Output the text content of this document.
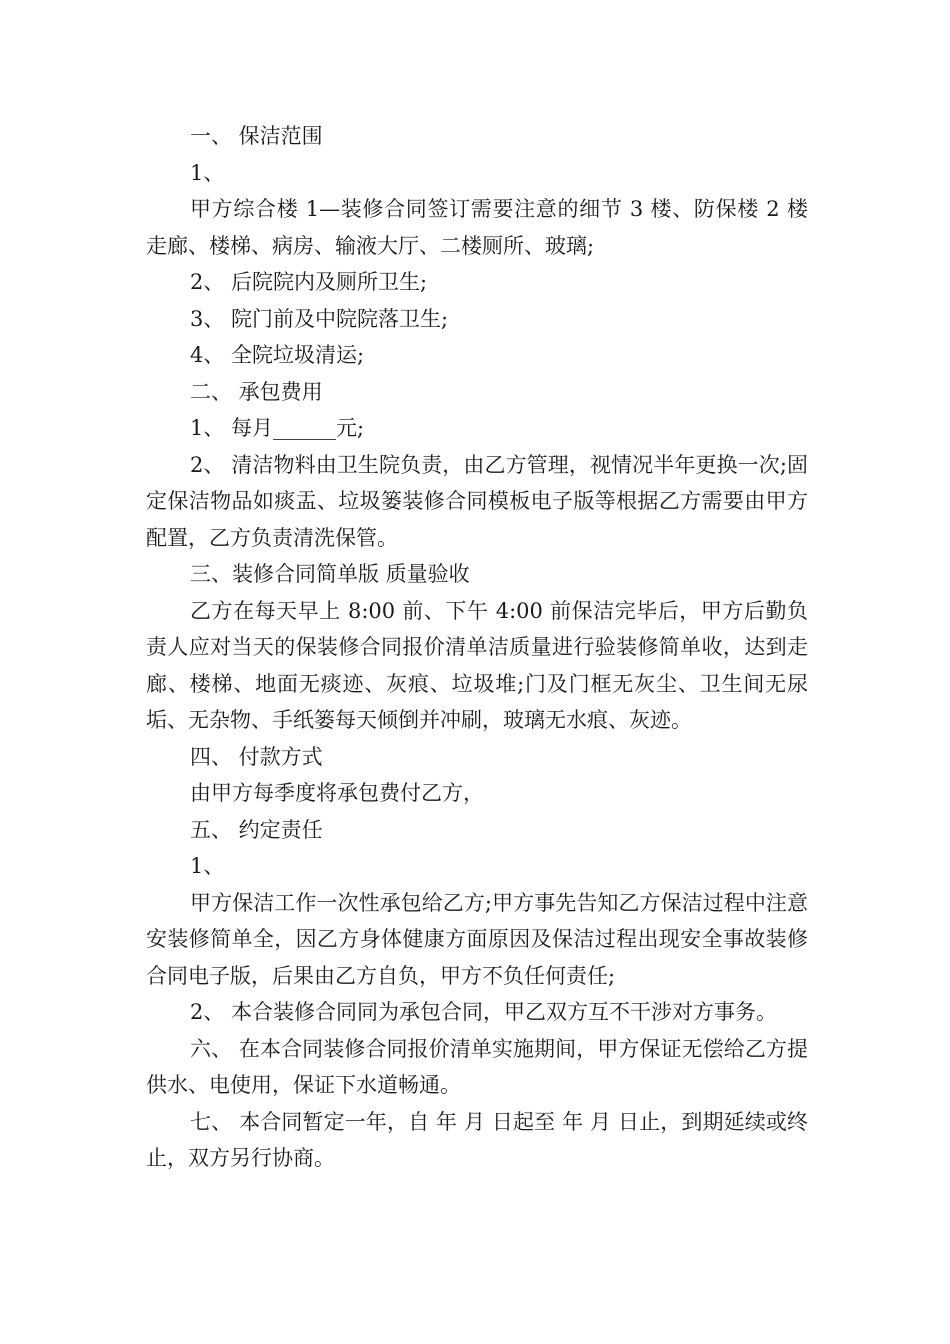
一、 保洁范围

1、

甲方综合楼 1—装修合同签订需要注意的细节 3 楼、防保楼 2 楼走廊、楼梯、病房、输液大厅、二楼厕所、玻璃;

2、 后院院内及厕所卫生;

3、 院门前及中院院落卫生;

4、 全院垃圾清运;

二、 承包费用

1、 每月______元;

2、 清洁物料由卫生院负责，由乙方管理，视情况半年更换一次;固定保洁物品如痰盂、垃圾篓装修合同模板电子版等根据乙方需要由甲方配置，乙方负责清洗保管。

三、装修合同简单版 质量验收

乙方在每天早上 8:00 前、下午 4:00 前保洁完毕后，甲方后勤负责人应对当天的保装修合同报价清单洁质量进行验装修简单收，达到走廊、楼梯、地面无痰迹、灰痕、垃圾堆;门及门框无灰尘、卫生间无尿垢、无杂物、手纸篓每天倾倒并冲刷，玻璃无水痕、灰迹。

四、 付款方式

由甲方每季度将承包费付乙方，

五、 约定责任

1、

甲方保洁工作一次性承包给乙方;甲方事先告知乙方保洁过程中注意安装修简单全，因乙方身体健康方面原因及保洁过程出现安全事故装修合同电子版，后果由乙方自负，甲方不负任何责任;

2、 本合装修合同同为承包合同，甲乙双方互不干涉对方事务。

六、 在本合同装修合同报价清单实施期间，甲方保证无偿给乙方提供水、电使用，保证下水道畅通。

七、 本合同暂定一年，自 年 月 日起至 年 月 日止，到期延续或终止，双方另行协商。
